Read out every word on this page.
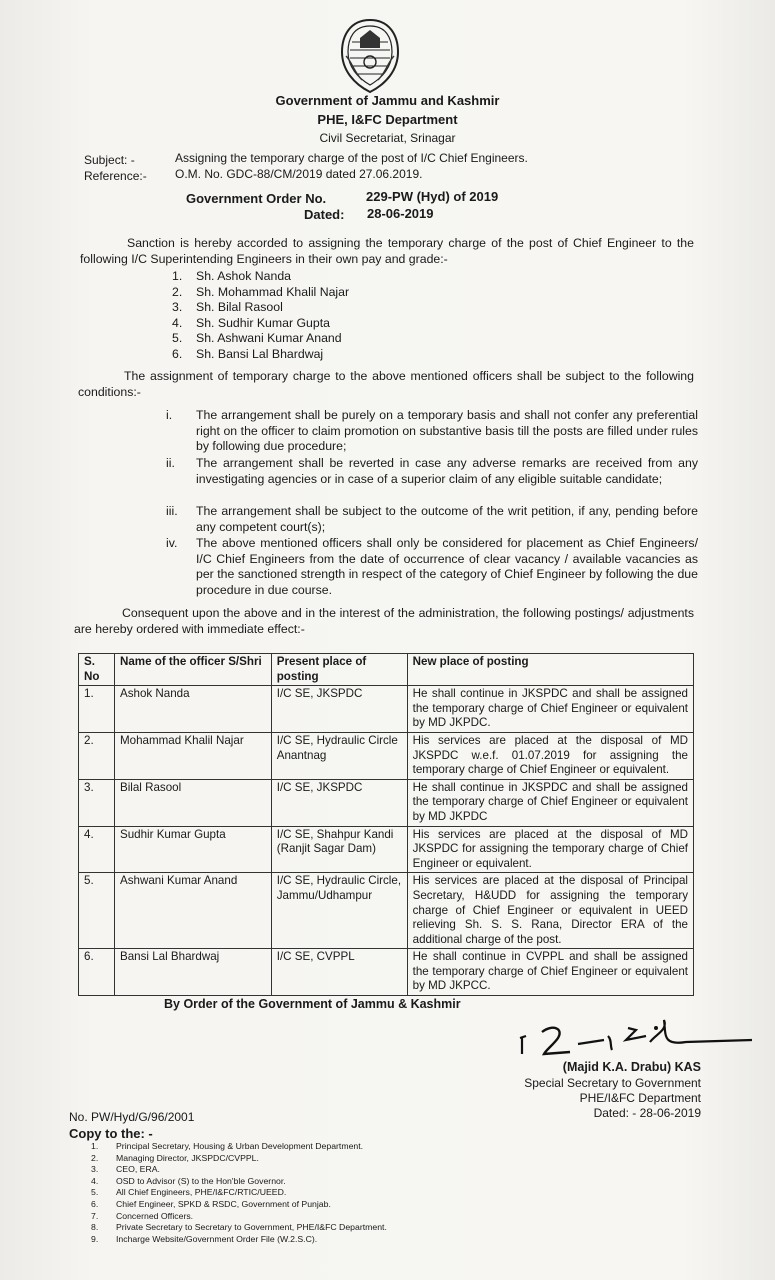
Government of Jammu and Kashmir
PHE, I&FC Department
Civil Secretariat, Srinagar
Subject: -	Assigning the temporary charge of the post of I/C Chief Engineers.
Reference:- O.M. No. GDC-88/CM/2019 dated 27.06.2019.
Government Order No.	229-PW (Hyd) of 2019
Dated: 28-06-2019
Sanction is hereby accorded to assigning the temporary charge of the post of Chief Engineer to the following I/C Superintending Engineers in their own pay and grade:-
1. Sh. Ashok Nanda
2. Sh. Mohammad Khalil Najar
3. Sh. Bilal Rasool
4. Sh. Sudhir Kumar Gupta
5. Sh. Ashwani Kumar Anand
6. Sh. Bansi Lal Bhardwaj
The assignment of temporary charge to the above mentioned officers shall be subject to the following conditions:-
i.	The arrangement shall be purely on a temporary basis and shall not confer any preferential right on the officer to claim promotion on substantive basis till the posts are filled under rules by following due procedure;
ii.	The arrangement shall be reverted in case any adverse remarks are received from any investigating agencies or in case of a superior claim of any eligible suitable candidate;
iii.	The arrangement shall be subject to the outcome of the writ petition, if any, pending before any competent court(s);
iv.	The above mentioned officers shall only be considered for placement as Chief Engineers/ I/C Chief Engineers from the date of occurrence of clear vacancy / available vacancies as per the sanctioned strength in respect of the category of Chief Engineer by following the due procedure in due course.
Consequent upon the above and in the interest of the administration, the following postings/ adjustments are hereby ordered with immediate effect:-
S. No	Name of the officer S/Shri	Present place of posting	New place of posting
1.	Ashok Nanda	I/C SE, JKSPDC	He shall continue in JKSPDC and shall be assigned the temporary charge of Chief Engineer or equivalent by MD JKPDC.
2.	Mohammad Khalil Najar	I/C SE, Hydraulic Circle Anantnag	His services are placed at the disposal of MD JKSPDC w.e.f. 01.07.2019 for assigning the temporary charge of Chief Engineer or equivalent.
3.	Bilal Rasool	I/C SE, JKSPDC	He shall continue in JKSPDC and shall be assigned the temporary charge of Chief Engineer or equivalent by MD JKPDC
4.	Sudhir Kumar Gupta	I/C SE, Shahpur Kandi (Ranjit Sagar Dam)	His services are placed at the disposal of MD JKSPDC for assigning the temporary charge of Chief Engineer or equivalent.
5.	Ashwani Kumar Anand	I/C SE, Hydraulic Circle, Jammu/Udhampur	His services are placed at the disposal of Principal Secretary, H&UDD for assigning the temporary charge of Chief Engineer or equivalent in UEED relieving Sh. S. S. Rana, Director ERA of the additional charge of the post.
6.	Bansi Lal Bhardwaj	I/C SE, CVPPL	He shall continue in CVPPL and shall be assigned the temporary charge of Chief Engineer or equivalent by MD JKPCC.
By Order of the Government of Jammu & Kashmir
(Majid K.A. Drabu) KAS
Special Secretary to Government
PHE/I&FC Department
Dated: - 28-06-2019
No. PW/Hyd/G/96/2001
Copy to the: -
1. Principal Secretary, Housing & Urban Development Department.
2. Managing Director, JKSPDC/CVPPL.
3. CEO, ERA.
4. OSD to Advisor (S) to the Hon'ble Governor.
5. All Chief Engineers, PHE/I&FC/RTIC/UEED.
6. Chief Engineer, SPKD & RSDC, Government of Punjab.
7. Concerned Officers.
8. Private Secretary to Secretary to Government, PHE/I&FC Department.
9. Incharge Website/Government Order File (W.2.S.C).
